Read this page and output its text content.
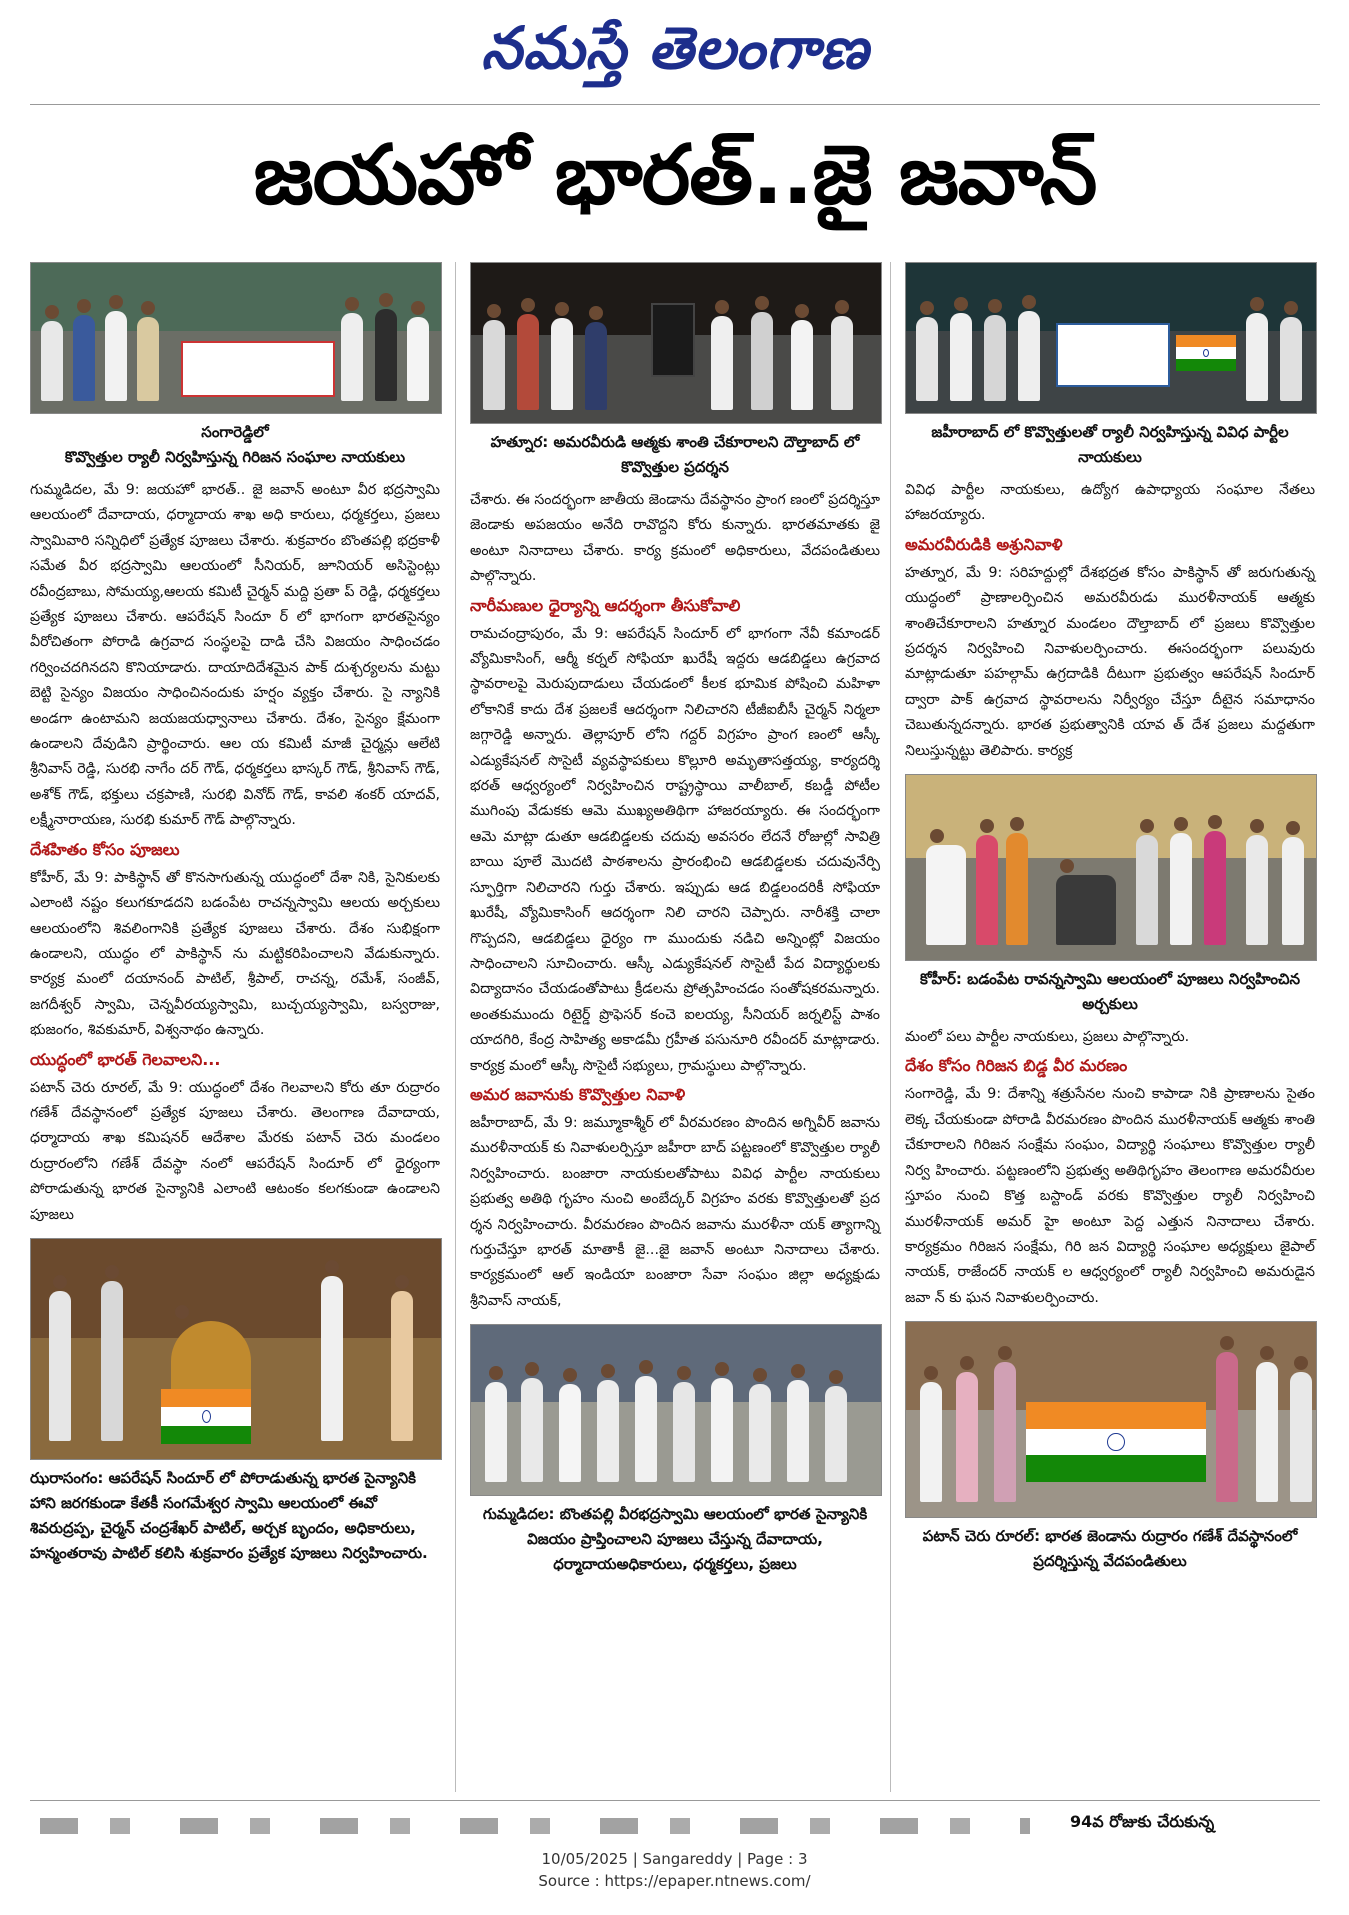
నమస్తే తెలంగాణ
జయహో భారత్..జై జవాన్
సంగారెడ్డిలో
కొవ్వొత్తుల ర్యాలీ నిర్వహిస్తున్న గిరిజన సంఘాల నాయకులు

గుమ్మడిదల, మే 9: జయహో భారత్.. జై జవాన్ అంటూ వీర భద్రస్వామి ఆలయంలో దేవాదాయ, ధర్మాదాయ శాఖ అధి కారులు, ధర్మకర్తలు, ప్రజలు స్వామివారి సన్నిధిలో ప్రత్యేక పూజలు చేశారు. శుక్రవారం బొంతపల్లి భద్రకాళీ సమేత వీర భద్రస్వామి ఆలయంలో సీనియర్, జూనియర్ అసిస్టెంట్లు రవీంద్రబాబు, సోమయ్య,ఆలయ కమిటీ చైర్మన్ మద్ది ప్రతా ప్ రెడ్డి, ధర్మకర్తలు ప్రత్యేక పూజలు చేశారు. ఆపరేషన్ సిందూ ర్ లో భాగంగా భారతసైన్యం వీరోచితంగా పోరాడి ఉగ్రవాద సంస్థలపై దాడి చేసి విజయం సాధించడం గర్వించదగినదని కొనియాడారు. దాయాదిదేశమైన పాక్ దుశ్చర్యలను మట్టు బెట్టి సైన్యం విజయం సాధించినందుకు హర్షం వ్యక్తం చేశారు. సై న్యానికి అండగా ఉంటామని జయజయధ్వానాలు చేశారు. దేశం, సైన్యం క్షేమంగా ఉండాలని దేవుడిని ప్రార్థించారు. ఆల య కమిటీ మాజీ చైర్మన్లు ఆలేటి శ్రీనివాస్ రెడ్డి, సురభి నాగేం దర్ గౌడ్, ధర్మకర్తలు భాస్కర్ గౌడ్, శ్రీనివాస్ గౌడ్, అశోక్ గౌడ్, భక్తులు చక్రపాణి, సురభి వినోద్ గౌడ్, కావలి శంకర్ యాదవ్, లక్ష్మీనారాయణ, సురభి కుమార్ గౌడ్ పాల్గొన్నారు.

దేశహితం కోసం పూజలు

కోహీర్, మే 9: పాకిస్థాన్ తో కొనసాగుతున్న యుద్ధంలో దేశా నికి, సైనికులకు ఎలాంటి నష్టం కలుగకూడదని బడంపేట రాచన్నస్వామి ఆలయ అర్చకులు ఆలయంలోని శివలింగానికి ప్రత్యేక పూజలు చేశారు. దేశం సుభిక్షంగా ఉండాలని, యుద్ధం లో పాకిస్థాన్ ను మట్టికరిపించాలని వేడుకున్నారు. కార్యక్ర మంలో దయానంద్ పాటిల్, శ్రీపాల్, రాచన్న, రమేశ్, సంజీవ్, జగదీశ్వర్ స్వామి, చెన్నవీరయ్యస్వామి, బుచ్చయ్యస్వామి, బస్వరాజు, భుజంగం, శివకుమార్, విశ్వనాథం ఉన్నారు.

యుద్ధంలో భారత్ గెలవాలని...

పటాన్ చెరు రూరల్, మే 9: యుద్ధంలో దేశం గెలవాలని కోరు తూ రుద్రారం గణేశ్ దేవస్థానంలో ప్రత్యేక పూజలు చేశారు. తెలంగాణ దేవాదాయ, ధర్మాదాయ శాఖ కమిషనర్ ఆదేశాల మేరకు పటాన్ చెరు మండలం రుద్రారంలోని గణేశ్ దేవస్థా నంలో ఆపరేషన్ సిందూర్ లో ధైర్యంగా పోరాడుతున్న భారత సైన్యానికి ఎలాంటి ఆటంకం కలగకుండా ఉండాలని పూజలు

ఝరాసంగం: ఆపరేషన్ సిందూర్ లో పోరాడుతున్న భారత సైన్యానికి హాని జరగకుండా కేతకీ సంగమేశ్వర స్వామి ఆలయంలో ఈవో శివరుద్రప్ప, చైర్మన్ చంద్రశేఖర్ పాటిల్, అర్చక బృందం, అధికారులు, హన్మంతరావు పాటిల్ కలిసి శుక్రవారం ప్రత్యేక పూజలు నిర్వహించారు.
హత్నూర: అమరవీరుడి ఆత్మకు శాంతి చేకూరాలని దౌల్తాబాద్ లో కొవ్వొత్తుల ప్రదర్శన

చేశారు. ఈ సందర్భంగా జాతీయ జెండాను దేవస్థానం ప్రాంగ ణంలో ప్రదర్శిస్తూ జెండాకు అపజయం అనేది రావొద్దని కోరు కున్నారు. భారతమాతకు జై అంటూ నినాదాలు చేశారు. కార్య క్రమంలో అధికారులు, వేదపండితులు పాల్గొన్నారు.

నారీమణుల ధైర్యాన్ని ఆదర్శంగా తీసుకోవాలి

రామచంద్రాపురం, మే 9: ఆపరేషన్ సిందూర్ లో భాగంగా నేవీ కమాండర్ వ్యోమికాసింగ్, ఆర్మీ కర్నల్ సోఫియా ఖురేషీ ఇద్దరు ఆడబిడ్డలు ఉగ్రవాద స్థావరాలపై మెరుపుదాడులు చేయడంలో కీలక భూమిక పోషించి మహిళా లోకానికే కాదు దేశ ప్రజలకే ఆదర్శంగా నిలిచారని టీజీఐబీసీ చైర్మన్ నిర్మలా జగ్గారెడ్డి అన్నారు. తెల్లాపూర్ లోని గద్దర్ విగ్రహం ప్రాంగ ణంలో ఆస్కీ ఎడ్యుకేషనల్ సొసైటీ వ్యవస్థాపకులు కొల్లూరి అమృతాసత్తయ్య, కార్యదర్శి భరత్ ఆధ్వర్యంలో నిర్వహించిన రాష్ట్రస్థాయి వాలీబాల్, కబడ్డీ పోటీల ముగింపు వేడుకకు ఆమె ముఖ్యఅతిథిగా హాజరయ్యారు. ఈ సందర్భంగా ఆమె మాట్లా డుతూ ఆడబిడ్డలకు చదువు అవసరం లేదనే రోజుల్లో సావిత్రి బాయి పూలే మొదటి పాఠశాలను ప్రారంభించి ఆడబిడ్డలకు చదువునేర్పి స్ఫూర్తిగా నిలిచారని గుర్తు చేశారు. ఇప్పుడు ఆడ బిడ్డలందరికీ సోఫియా ఖురేషీ, వ్యోమికాసింగ్ ఆదర్శంగా నిలి చారని చెప్పారు. నారీశక్తి చాలా గొప్పదని, ఆడబిడ్డలు ధైర్యం గా ముందుకు నడిచి అన్నింట్లో విజయం సాధించాలని సూచించారు. ఆస్కీ ఎడ్యుకేషనల్ సొసైటీ పేద విద్యార్థులకు విద్యాదానం చేయడంతోపాటు క్రీడలను ప్రోత్సహించడం సంతోషకరమన్నారు. అంతకుముందు రిటైర్డ్ ప్రొఫెసర్ కంచె ఐలయ్య, సీనియర్ జర్నలిస్ట్ పాశం యాదగిరి, కేంద్ర సాహిత్య అకాడమీ గ్రహీత పసునూరి రవీందర్ మాట్లాడారు. కార్యక్ర మంలో ఆస్కీ సొసైటీ సభ్యులు, గ్రామస్థులు పాల్గొన్నారు.

అమర జవానుకు కొవ్వొత్తుల నివాళి

జహీరాబాద్, మే 9: జమ్మూకాశ్మీర్ లో వీరమరణం పొందిన అగ్నివీర్ జవాను మురళీనాయక్ కు నివాళులర్పిస్తూ జహీరా బాద్ పట్టణంలో కొవ్వొత్తుల ర్యాలీ నిర్వహించారు. బంజారా నాయకులతోపాటు వివిధ పార్టీల నాయకులు ప్రభుత్వ అతిథి గృహం నుంచి అంబేద్కర్ విగ్రహం వరకు కొవ్వొత్తులతో ప్రద ర్శన నిర్వహించారు. వీరమరణం పొందిన జవాను మురళీనా యక్ త్యాగాన్ని గుర్తుచేస్తూ భారత్ మాతాకీ జై...జై జవాన్ అంటూ నినాదాలు చేశారు. కార్యక్రమంలో ఆల్ ఇండియా బంజారా సేవా సంఘం జిల్లా అధ్యక్షుడు శ్రీనివాస్ నాయక్,

గుమ్మడిదల: బొంతపల్లి వీరభద్రస్వామి ఆలయంలో భారత సైన్యానికి విజయం ప్రాప్తించాలని పూజలు చేస్తున్న దేవాదాయ, ధర్మాదాయఅధికారులు, ధర్మకర్తలు, ప్రజలు
జహీరాబాద్ లో కొవ్వొత్తులతో ర్యాలీ నిర్వహిస్తున్న వివిధ పార్టీల నాయకులు

వివిధ పార్టీల నాయకులు, ఉద్యోగ ఉపాధ్యాయ సంఘాల నేతలు హాజరయ్యారు.

అమరవీరుడికి అశ్రునివాళి

హత్నూర, మే 9: సరిహద్దుల్లో దేశభద్రత కోసం పాకిస్థాన్ తో జరుగుతున్న యుద్ధంలో ప్రాణాలర్పించిన అమరవీరుడు మురళీనాయక్ ఆత్మకు శాంతిచేకూరాలని హత్నూర మండలం దౌల్తాబాద్ లో ప్రజలు కొవ్వొత్తుల ప్రదర్శన నిర్వహించి నివాళులర్పించారు. ఈసందర్భంగా పలువురు మాట్లాడుతూ పహల్గామ్ ఉగ్రదాడికి దీటుగా ప్రభుత్వం ఆపరేషన్ సిందూర్ ద్వారా పాక్ ఉగ్రవాద స్థావరాలను నిర్వీర్యం చేస్తూ దీటైన సమాధానం చెబుతున్నదన్నారు. భారత ప్రభుత్వానికి యావ త్ దేశ ప్రజలు మద్దతుగా నిలుస్తున్నట్టు తెలిపారు. కార్యక్ర

కోహీర్: బడంపేట రావన్నస్వామి ఆలయంలో పూజలు నిర్వహించిన అర్చకులు

మంలో పలు పార్టీల నాయకులు, ప్రజలు పాల్గొన్నారు.

దేశం కోసం గిరిజన బిడ్డ వీర మరణం

సంగారెడ్డి, మే 9: దేశాన్ని శత్రుసేనల నుంచి కాపాడా నికి ప్రాణాలను సైతం లెక్క చేయకుండా పోరాడి వీరమరణం పొందిన మురళీనాయక్ ఆత్మకు శాంతి చేకూరాలని గిరిజన సంక్షేమ సంఘం, విద్యార్థి సంఘాలు కొవ్వొత్తుల ర్యాలీ నిర్వ హించారు. పట్టణంలోని ప్రభుత్వ అతిథిగృహం తెలంగాణ అమరవీరుల స్తూపం నుంచి కొత్త బస్టాండ్ వరకు కొవ్వొత్తుల ర్యాలీ నిర్వహించి మురళీనాయక్ అమర్ హై అంటూ పెద్ద ఎత్తున నినాదాలు చేశారు. కార్యక్రమం గిరిజన సంక్షేమ, గిరి జన విద్యార్థి సంఘాల అధ్యక్షులు జైపాల్ నాయక్, రాజేందర్ నాయక్ ల ఆధ్వర్యంలో ర్యాలీ నిర్వహించి అమరుడైన జవా న్ కు ఘన నివాళులర్పించారు.

పటాన్ చెరు రూరల్: భారత జెండాను రుద్రారం గణేశ్ దేవస్థానంలో ప్రదర్శిస్తున్న వేదపండితులు
94వ రోజుకు చేరుకున్న
10/05/2025 | Sangareddy | Page : 3
Source : https://epaper.ntnews.com/
